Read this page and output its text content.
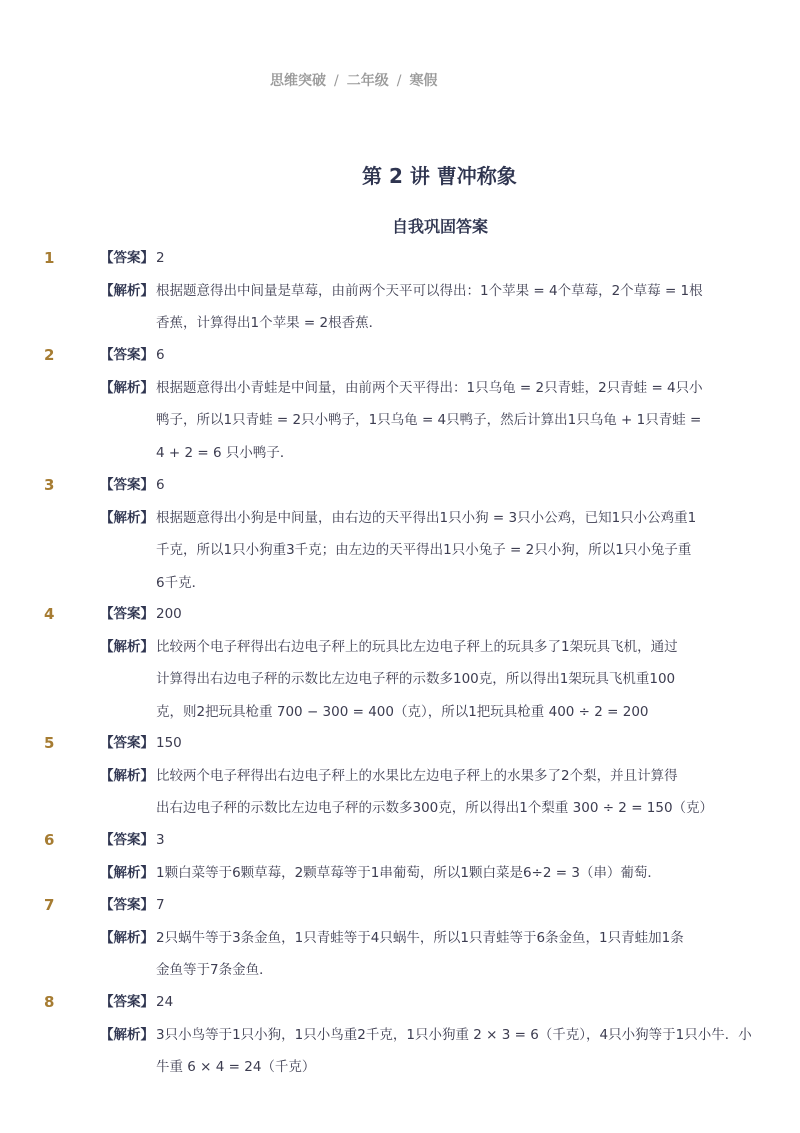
思维突破 / 二年级 / 寒假
第 2 讲 曹冲称象
自我巩固答案
1	【答案】 2
【解析】 根据题意得出中间量是草莓，由前两个天平可以得出：1个苹果 = 4个草莓，2个草莓 = 1根
香蕉，计算得出1个苹果 = 2根香蕉．
2	【答案】 6
【解析】 根据题意得出小青蛙是中间量，由前两个天平得出：1只乌龟 = 2只青蛙，2只青蛙 = 4只小
鸭子，所以1只青蛙 = 2只小鸭子，1只乌龟 = 4只鸭子，然后计算出1只乌龟 + 1只青蛙 =
4 + 2 = 6 只小鸭子．
3	【答案】 6
【解析】 根据题意得出小狗是中间量，由右边的天平得出1只小狗 = 3只小公鸡，已知1只小公鸡重1
千克，所以1只小狗重3千克；由左边的天平得出1只小兔子 = 2只小狗，所以1只小兔子重
6千克．
4	【答案】 200
【解析】 比较两个电子秤得出右边电子秤上的玩具比左边电子秤上的玩具多了1架玩具飞机，通过
计算得出右边电子秤的示数比左边电子秤的示数多100克，所以得出1架玩具飞机重100
克，则2把玩具枪重 700 − 300 = 400（克），所以1把玩具枪重 400 ÷ 2 = 200
5	【答案】 150
【解析】 比较两个电子秤得出右边电子秤上的水果比左边电子秤上的水果多了2个梨，并且计算得
出右边电子秤的示数比左边电子秤的示数多300克，所以得出1个梨重 300 ÷ 2 = 150（克）
6	【答案】 3
【解析】 1颗白菜等于6颗草莓，2颗草莓等于1串葡萄，所以1颗白菜是6÷2 = 3（串）葡萄．
7	【答案】 7
【解析】 2只蜗牛等于3条金鱼，1只青蛙等于4只蜗牛，所以1只青蛙等于6条金鱼，1只青蛙加1条
金鱼等于7条金鱼．
8	【答案】 24
【解析】 3只小鸟等于1只小狗，1只小鸟重2千克，1只小狗重 2 × 3 = 6（千克），4只小狗等于1只小牛．小
牛重 6 × 4 = 24（千克）
